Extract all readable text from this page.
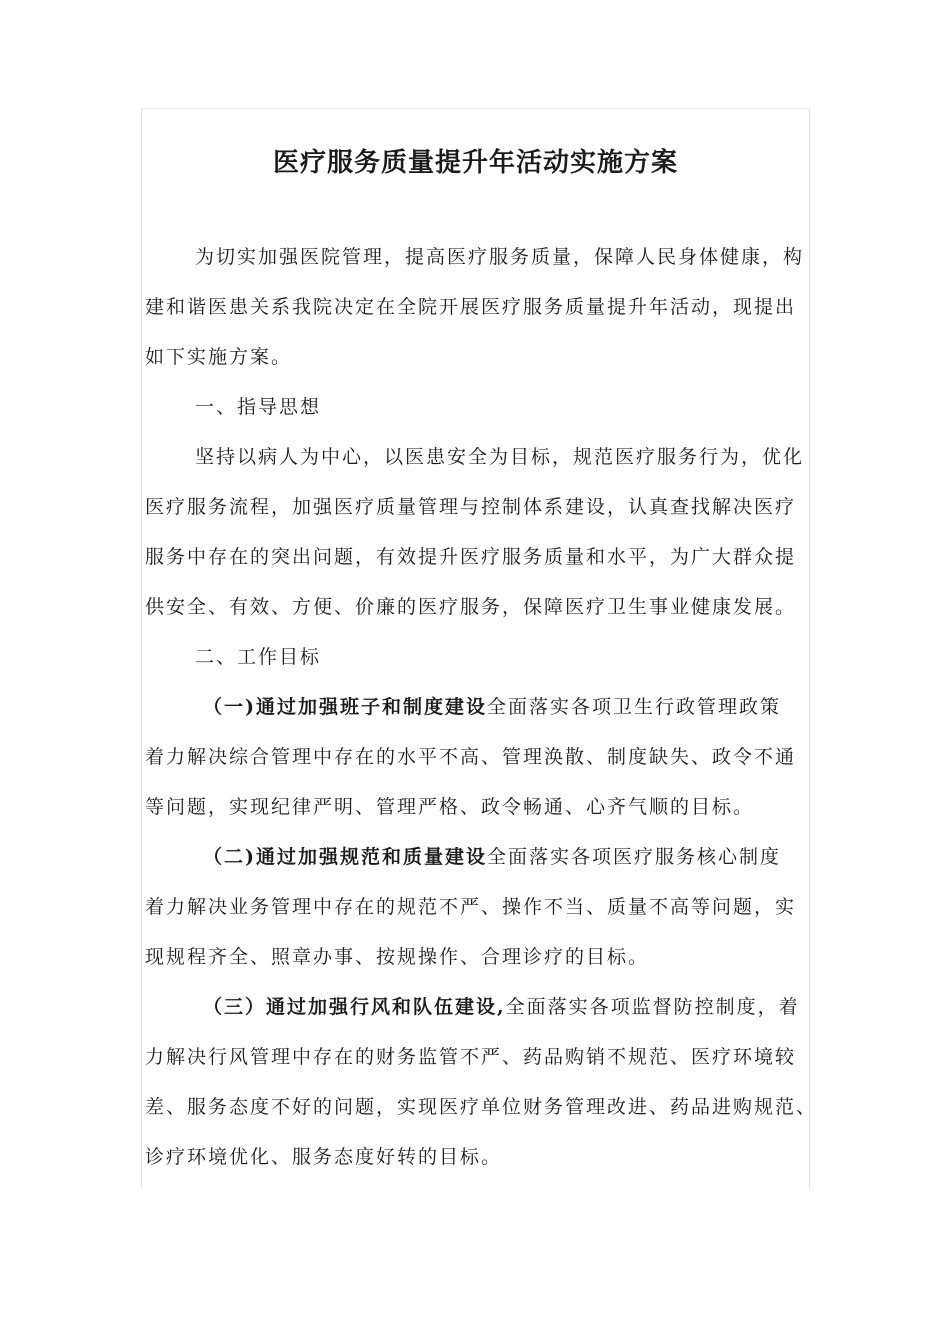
医疗服务质量提升年活动实施方案

为切实加强医院管理，提高医疗服务质量，保障人民身体健康，构

建和谐医患关系我院决定在全院开展医疗服务质量提升年活动，现提出

如下实施方案。

一、指导思想

坚持以病人为中心，以医患安全为目标，规范医疗服务行为，优化

医疗服务流程，加强医疗质量管理与控制体系建设，认真查找解决医疗

服务中存在的突出问题，有效提升医疗服务质量和水平，为广大群众提

供安全、有效、方便、价廉的医疗服务，保障医疗卫生事业健康发展。

二、工作目标

（一)通过加强班子和制度建设全面落实各项卫生行政管理政策

着力解决综合管理中存在的水平不高、管理涣散、制度缺失、政令不通

等问题，实现纪律严明、管理严格、政令畅通、心齐气顺的目标。

（二)通过加强规范和质量建设全面落实各项医疗服务核心制度

着力解决业务管理中存在的规范不严、操作不当、质量不高等问题，实

现规程齐全、照章办事、按规操作、合理诊疗的目标。

（三）通过加强行风和队伍建设,全面落实各项监督防控制度，着

力解决行风管理中存在的财务监管不严、药品购销不规范、医疗环境较

差、服务态度不好的问题，实现医疗单位财务管理改进、药品进购规范、

诊疗环境优化、服务态度好转的目标。
